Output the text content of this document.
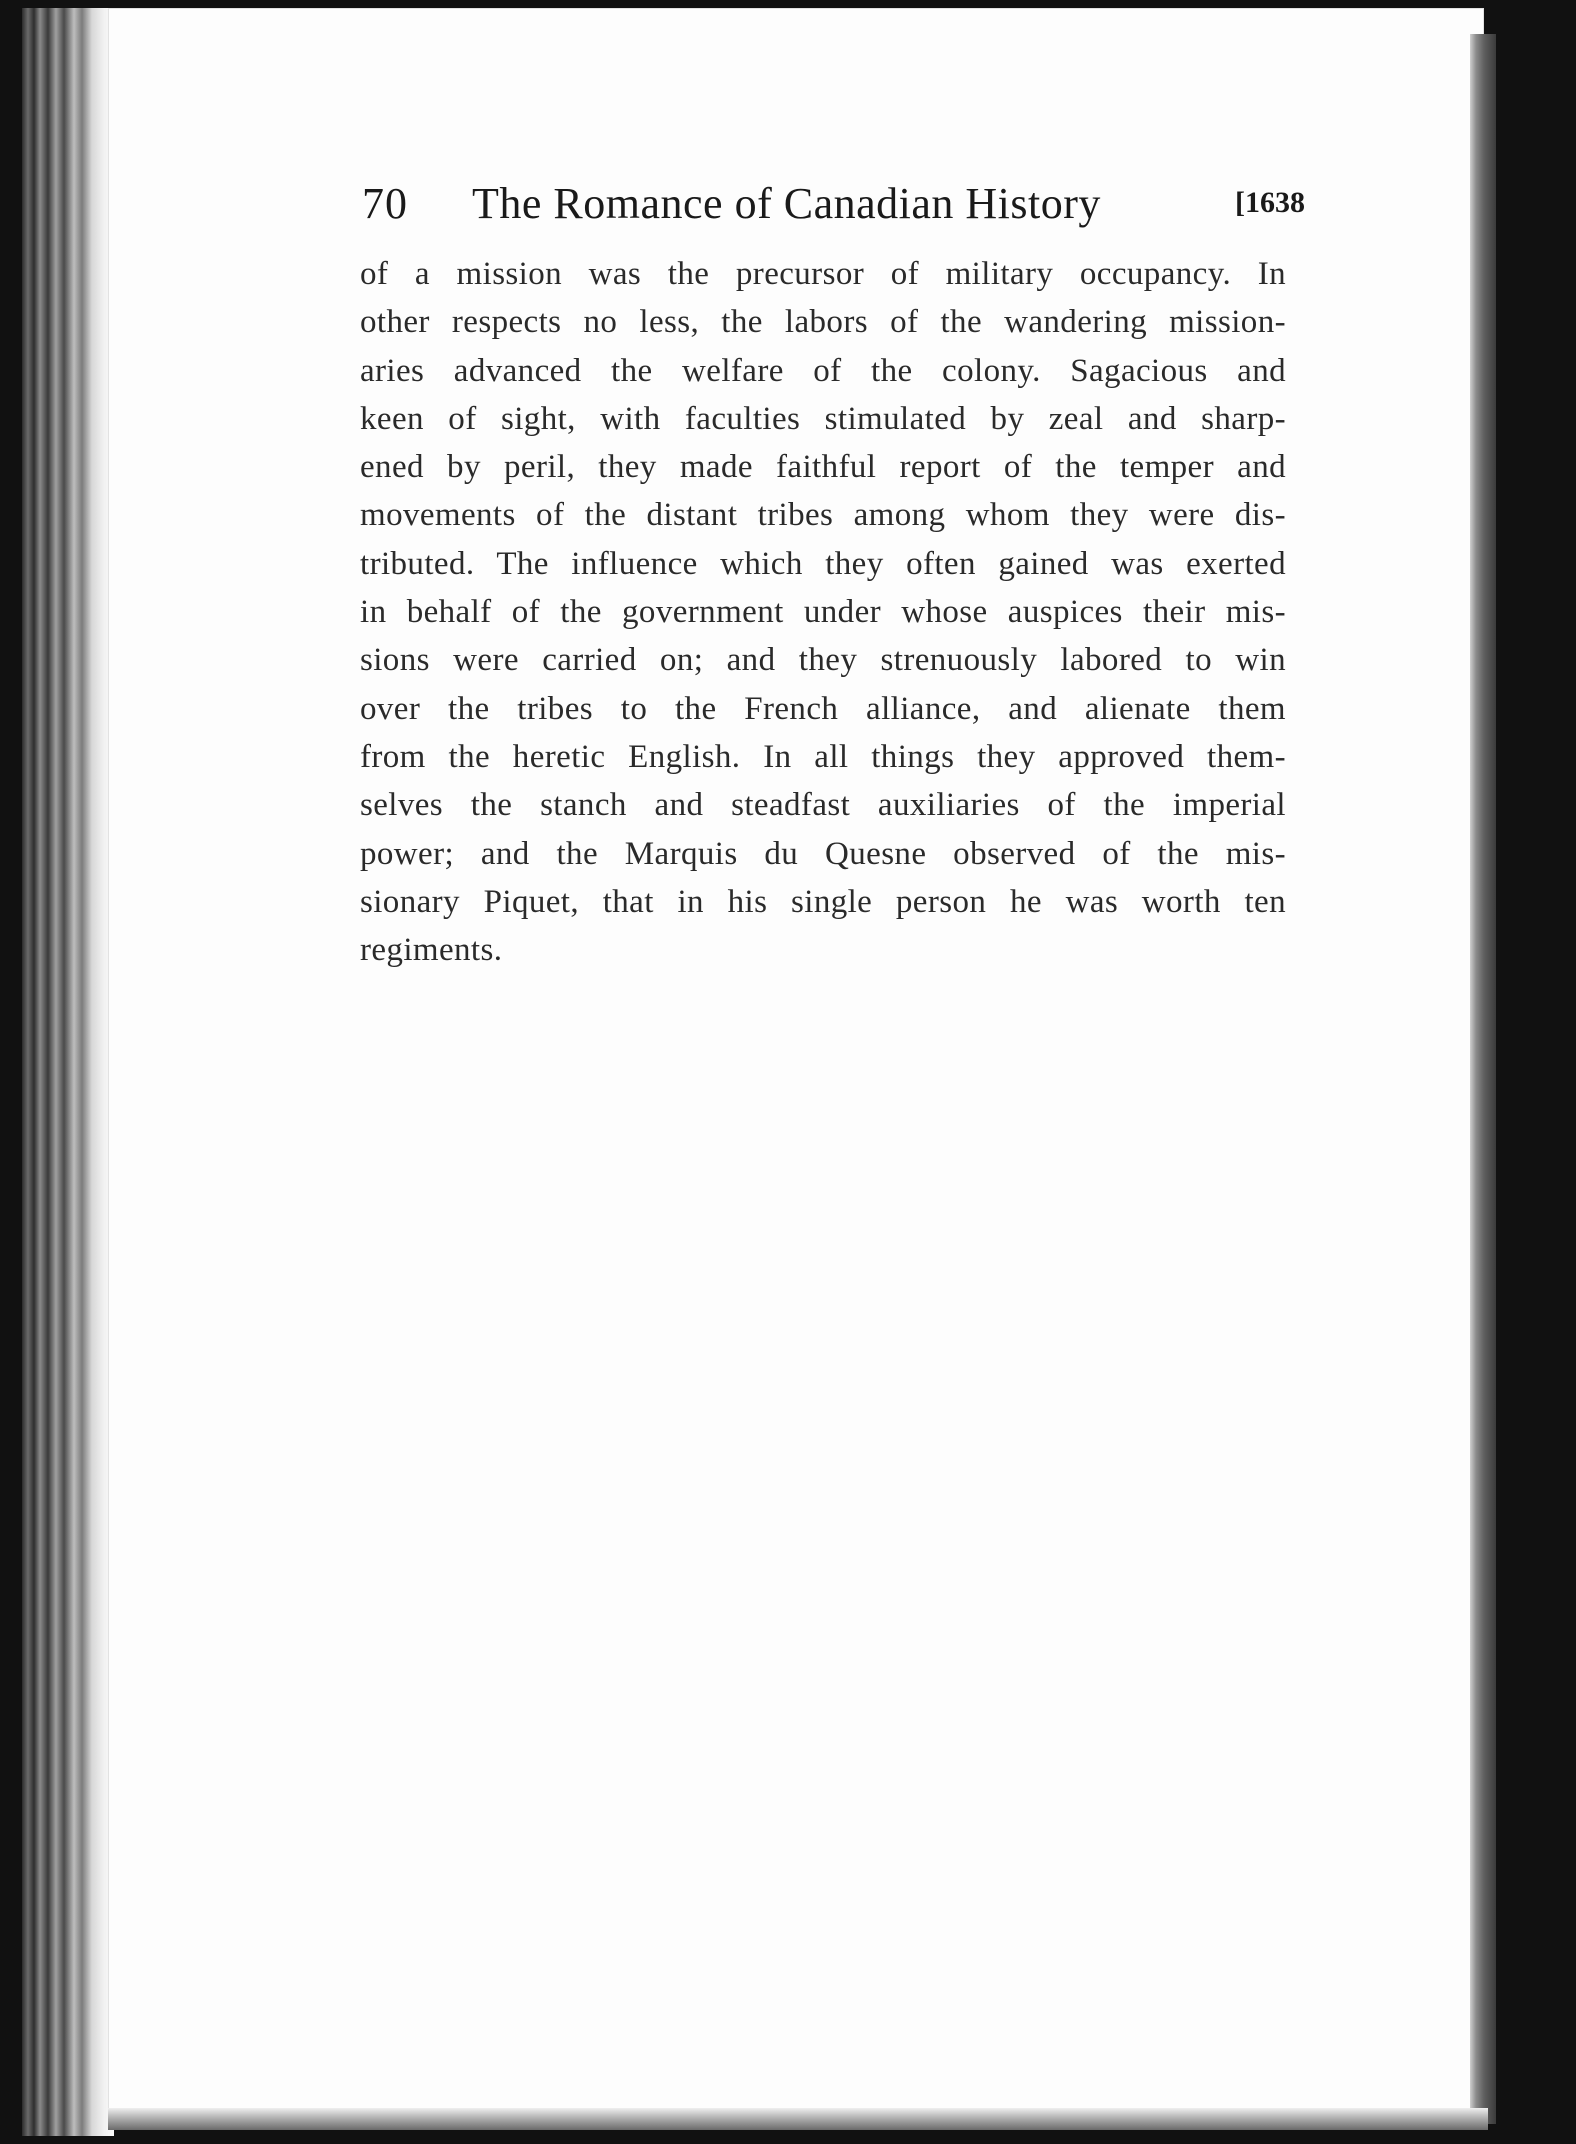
70 The Romance of Canadian History	[1638
of a mission was the precursor of military occupancy. In
other respects no less, the labors of the wandering mission-
aries advanced the welfare of the colony. Sagacious and
keen of sight, with faculties stimulated by zeal and sharp-
ened by peril, they made faithful report of the temper and
movements of the distant tribes among whom they were dis-
tributed. The influence which they often gained was exerted
in behalf of the government under whose auspices their mis-
sions were carried on; and they strenuously labored to win
over the tribes to the French alliance, and alienate them
from the heretic English. In all things they approved them-
selves the stanch and steadfast auxiliaries of the imperial
power; and the Marquis du Quesne observed of the mis-
sionary Piquet, that in his single person he was worth ten
regiments.
